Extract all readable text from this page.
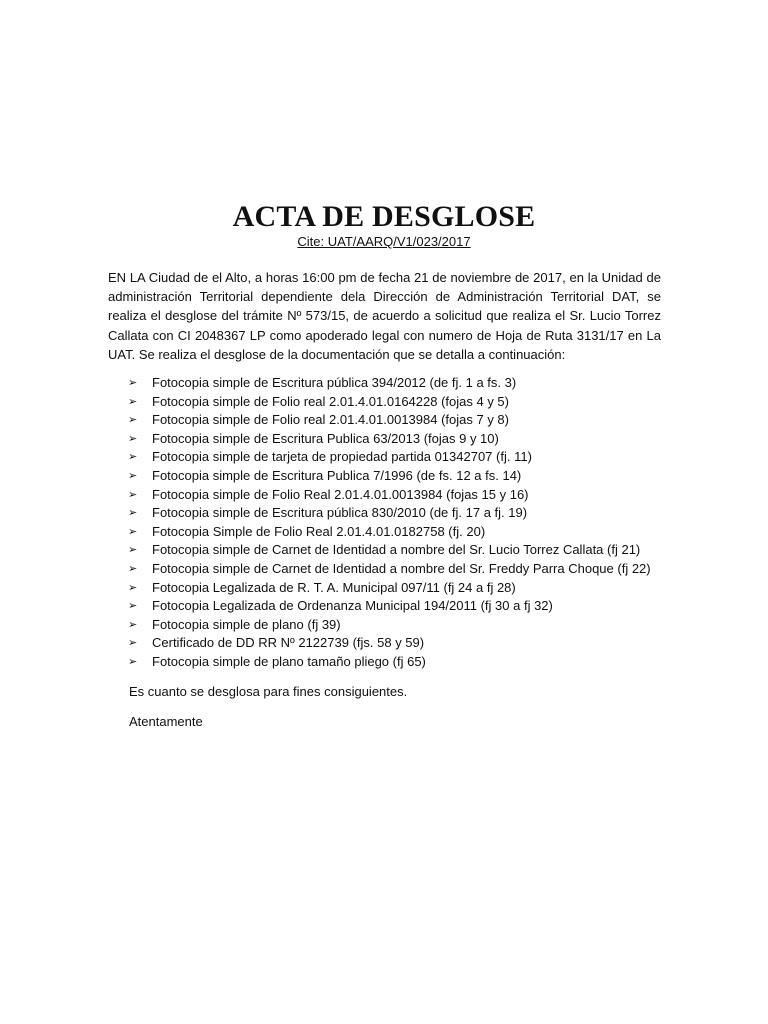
ACTA DE DESGLOSE
Cite: UAT/AARQ/V1/023/2017
EN LA Ciudad de el Alto, a horas 16:00 pm de fecha 21 de noviembre de 2017, en la Unidad de administración Territorial dependiente dela Dirección de Administración Territorial DAT, se realiza el desglose del trámite Nº 573/15, de acuerdo a solicitud que realiza el Sr. Lucio Torrez Callata con CI 2048367 LP como apoderado legal con numero de Hoja de Ruta 3131/17 en La UAT. Se realiza el desglose de la documentación que se detalla a continuación:
➢	Fotocopia simple de Escritura pública 394/2012 (de fj. 1 a fs. 3)
➢	Fotocopia simple de Folio real 2.01.4.01.0164228 (fojas 4 y 5)
➢	Fotocopia simple de Folio real 2.01.4.01.0013984 (fojas 7 y 8)
➢	Fotocopia simple de Escritura Publica 63/2013 (fojas 9 y 10)
➢	Fotocopia simple de tarjeta de propiedad partida 01342707 (fj. 11)
➢	Fotocopia simple de Escritura Publica 7/1996 (de fs. 12 a fs. 14)
➢	Fotocopia simple de Folio Real 2.01.4.01.0013984 (fojas 15 y 16)
➢	Fotocopia simple de Escritura pública 830/2010 (de fj. 17 a fj. 19)
➢	Fotocopia Simple de Folio Real 2.01.4.01.0182758 (fj. 20)
➢	Fotocopia simple de Carnet de Identidad a nombre del Sr. Lucio Torrez Callata (fj 21)
➢	Fotocopia simple de Carnet de Identidad a nombre del Sr. Freddy Parra Choque (fj 22)
➢	Fotocopia Legalizada de R. T. A. Municipal 097/11 (fj 24 a fj 28)
➢	Fotocopia Legalizada de Ordenanza Municipal 194/2011 (fj 30 a fj 32)
➢	Fotocopia simple de plano (fj 39)
➢	Certificado de DD RR Nº 2122739 (fjs. 58 y 59)
➢	Fotocopia simple de plano tamaño pliego (fj 65)
Es cuanto se desglosa para fines consiguientes.
Atentamente
